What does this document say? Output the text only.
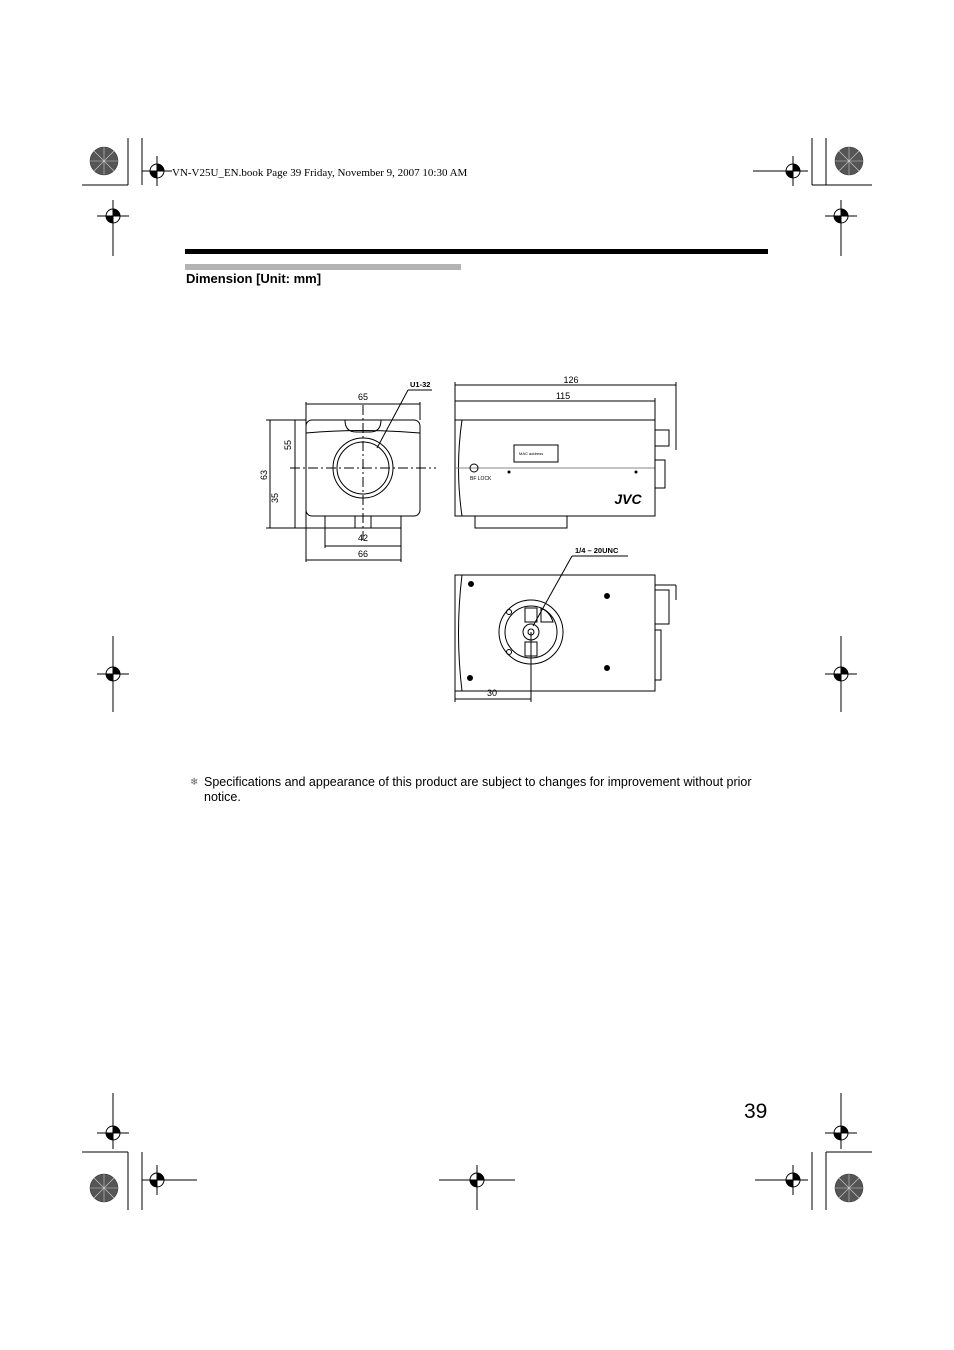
VN-V25U_EN.book Page 39 Friday, November 9, 2007 10:30 AM
Dimension [Unit: mm]
BF LOCK
65
42
66
63
55
35
U1-32	126
115
MAC address
JVC
1/4 – 20UNC
30
❄ Specifications and appearance of this product are subject to changes for improvement without prior notice.
39
